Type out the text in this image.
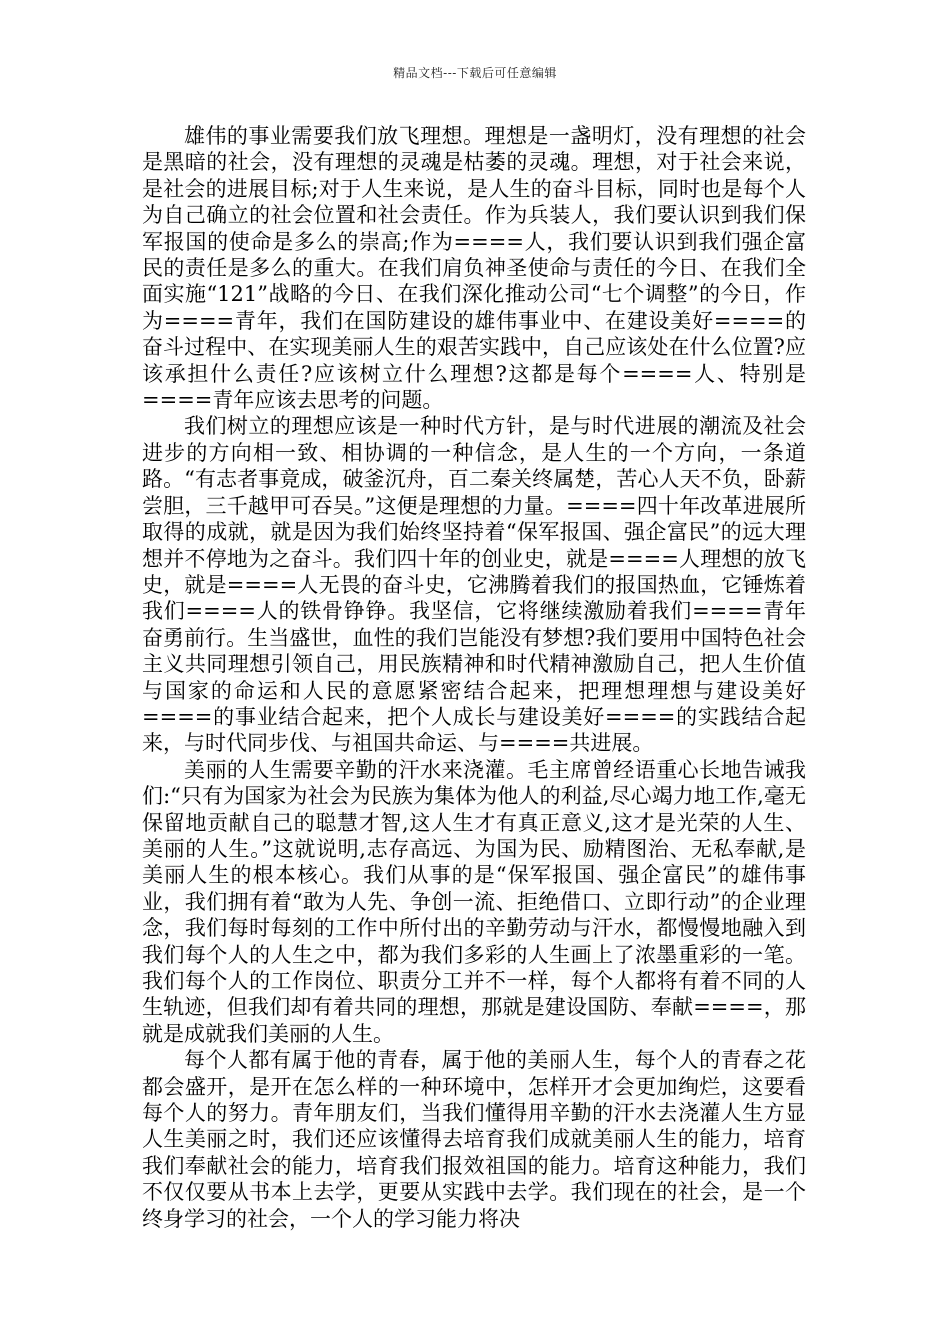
精品文档---下载后可任意编辑

雄伟的事业需要我们放飞理想。理想是一盏明灯，没有理想的社会是黑暗的社会，没有理想的灵魂是枯萎的灵魂。理想，对于社会来说，是社会的进展目标;对于人生来说，是人生的奋斗目标，同时也是每个人为自己确立的社会位置和社会责任。作为兵装人，我们要认识到我们保军报国的使命是多么的崇高;作为====人，我们要认识到我们强企富民的责任是多么的重大。在我们肩负神圣使命与责任的今日、在我们全面实施“121”战略的今日、在我们深化推动公司“七个调整”的今日，作为====青年，我们在国防建设的雄伟事业中、在建设美好====的奋斗过程中、在实现美丽人生的艰苦实践中，自己应该处在什么位置?应该承担什么责任?应该树立什么理想?这都是每个====人、特别是====青年应该去思考的问题。

我们树立的理想应该是一种时代方针，是与时代进展的潮流及社会进步的方向相一致、相协调的一种信念，是人生的一个方向，一条道路。“有志者事竟成，破釜沉舟，百二秦关终属楚，苦心人天不负，卧薪尝胆，三千越甲可吞吴。”这便是理想的力量。====四十年改革进展所取得的成就，就是因为我们始终坚持着“保军报国、强企富民”的远大理想并不停地为之奋斗。我们四十年的创业史，就是====人理想的放飞史，就是====人无畏的奋斗史，它沸腾着我们的报国热血，它锤炼着我们====人的铁骨铮铮。我坚信，它将继续激励着我们====青年奋勇前行。生当盛世，血性的我们岂能没有梦想?我们要用中国特色社会主义共同理想引领自己，用民族精神和时代精神激励自己，把人生价值与国家的命运和人民的意愿紧密结合起来，把理想理想与建设美好====的事业结合起来，把个人成长与建设美好====的实践结合起来，与时代同步伐、与祖国共命运、与====共进展。

美丽的人生需要辛勤的汗水来浇灌。毛主席曾经语重心长地告诫我们:“只有为国家为社会为民族为集体为他人的利益,尽心竭力地工作,毫无保留地贡献自己的聪慧才智,这人生才有真正意义,这才是光荣的人生、美丽的人生。”这就说明,志存高远、为国为民、励精图治、无私奉献,是美丽人生的根本核心。我们从事的是“保军报国、强企富民”的雄伟事业，我们拥有着“敢为人先、争创一流、拒绝借口、立即行动”的企业理念，我们每时每刻的工作中所付出的辛勤劳动与汗水，都慢慢地融入到我们每个人的人生之中，都为我们多彩的人生画上了浓墨重彩的一笔。我们每个人的工作岗位、职责分工并不一样，每个人都将有着不同的人生轨迹，但我们却有着共同的理想，那就是建设国防、奉献====，那就是成就我们美丽的人生。

每个人都有属于他的青春，属于他的美丽人生，每个人的青春之花都会盛开，是开在怎么样的一种环境中，怎样开才会更加绚烂，这要看每个人的努力。青年朋友们，当我们懂得用辛勤的汗水去浇灌人生方显人生美丽之时，我们还应该懂得去培育我们成就美丽人生的能力，培育我们奉献社会的能力，培育我们报效祖国的能力。培育这种能力，我们不仅仅要从书本上去学，更要从实践中去学。我们现在的社会，是一个终身学习的社会，一个人的学习能力将决
